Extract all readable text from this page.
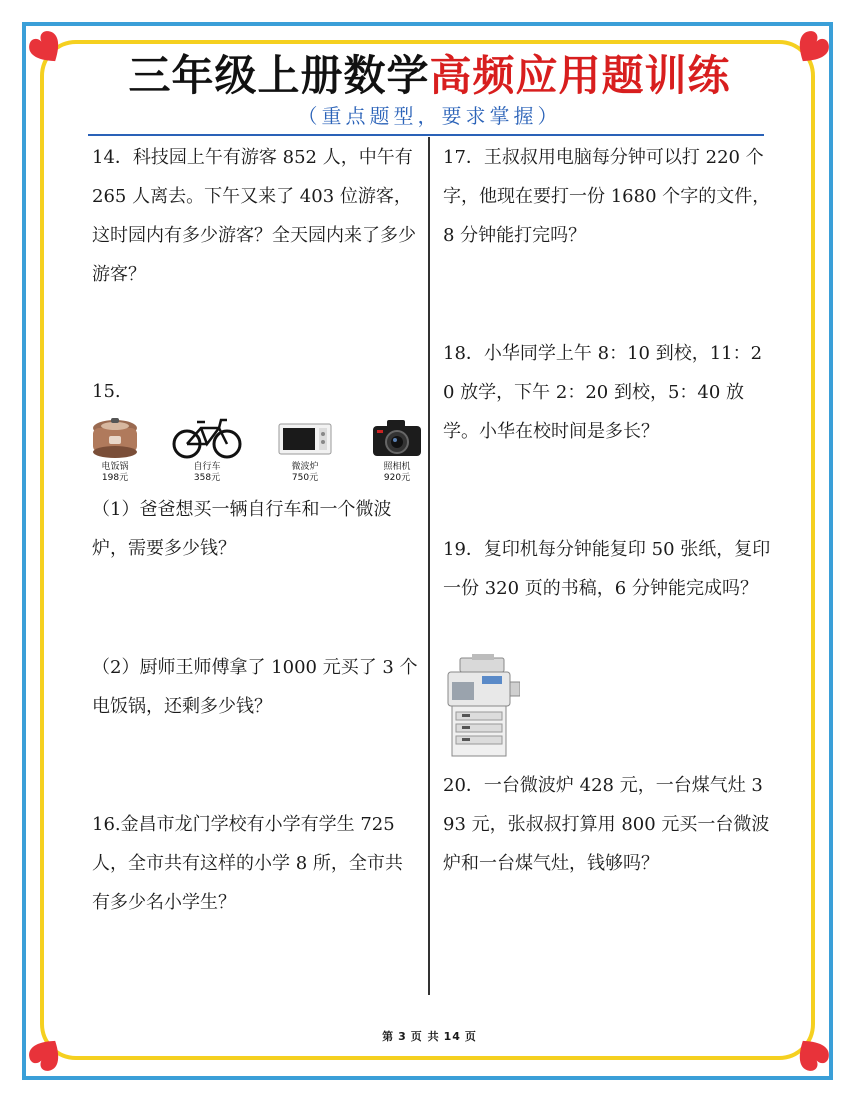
三年级上册数学高频应用题训练
（重点题型，要求掌握）

14．科技园上午有游客 852 人，中午有 265 人离去。下午又来了 403 位游客，这时园内有多少游客？全天园内来了多少游客？

15.

电饭锅
198元
自行车
358元
微波炉
750元
照相机
920元

（1）爸爸想买一辆自行车和一个微波炉，需要多少钱？

（2）厨师王师傅拿了 1000 元买了 3 个电饭锅，还剩多少钱？

16.金昌市龙门学校有小学有学生 725 人，全市共有这样的小学 8 所，全市共有多少名小学生？

17．王叔叔用电脑每分钟可以打 220 个字，他现在要打一份 1680 个字的文件，8 分钟能打完吗？

18．小华同学上午 8：10 到校，11：20 放学，下午 2：20 到校，5：40 放学。小华在校时间是多长？

19．复印机每分钟能复印 50 张纸，复印一份 320 页的书稿，6 分钟能完成吗？

20．一台微波炉 428 元，一台煤气灶 393 元，张叔叔打算用 800 元买一台微波炉和一台煤气灶，钱够吗？

第 3 页 共 14 页
